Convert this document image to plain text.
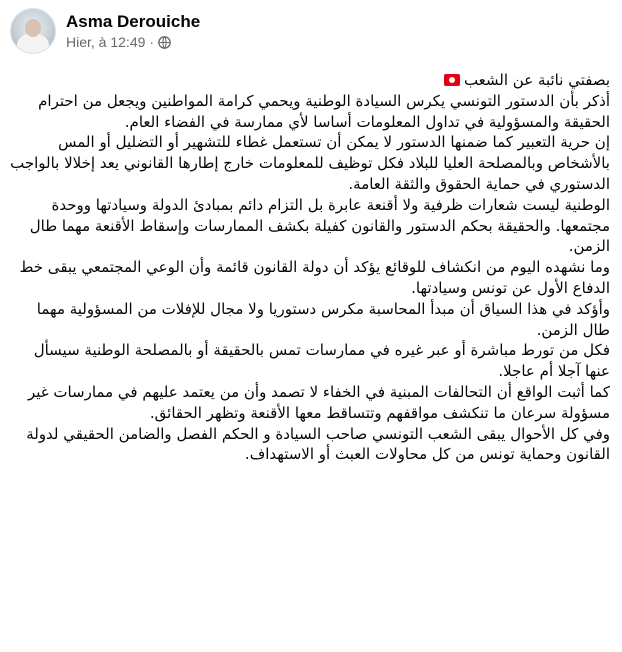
Asma Derouiche
Hier, à 12:49 ·

بصفتي نائبة عن الشعب

أذكر بأن الدستور التونسي يكرس السيادة الوطنية ويحمي كرامة المواطنين ويجعل من احترام الحقيقة والمسؤولية في تداول المعلومات أساسا لأي ممارسة في الفضاء العام.

إن حرية التعبير كما ضمنها الدستور لا يمكن أن تستعمل غطاء للتشهير أو التضليل أو المس بالأشخاص وبالمصلحة العليا للبلاد فكل توظيف للمعلومات خارج إطارها القانوني يعد إخلالا بالواجب الدستوري في حماية الحقوق والثقة العامة.

الوطنية ليست شعارات ظرفية ولا أقنعة عابرة بل التزام دائم بمبادئ الدولة وسيادتها ووحدة مجتمعها. والحقيقة بحكم الدستور والقانون كفيلة بكشف الممارسات وإسقاط الأقنعة مهما طال الزمن.

وما نشهده اليوم من انكشاف للوقائع يؤكد أن دولة القانون قائمة وأن الوعي المجتمعي يبقى خط الدفاع الأول عن تونس وسيادتها.

وأؤكد في هذا السياق أن مبدأ المحاسبة مكرس دستوريا ولا مجال للإفلات من المسؤولية مهما طال الزمن.

فكل من تورط مباشرة أو عبر غيره في ممارسات تمس بالحقيقة أو بالمصلحة الوطنية سيسأل عنها آجلا أم عاجلا.

كما أثبت الواقع أن التحالفات المبنية في الخفاء لا تصمد وأن من يعتمد عليهم في ممارسات غير مسؤولة سرعان ما تنكشف مواقفهم وتتساقط معها الأقنعة وتظهر الحقائق.

وفي كل الأحوال يبقى الشعب التونسي صاحب السيادة و الحكم الفصل والضامن الحقيقي لدولة القانون وحماية تونس من كل محاولات العبث أو الاستهداف.
